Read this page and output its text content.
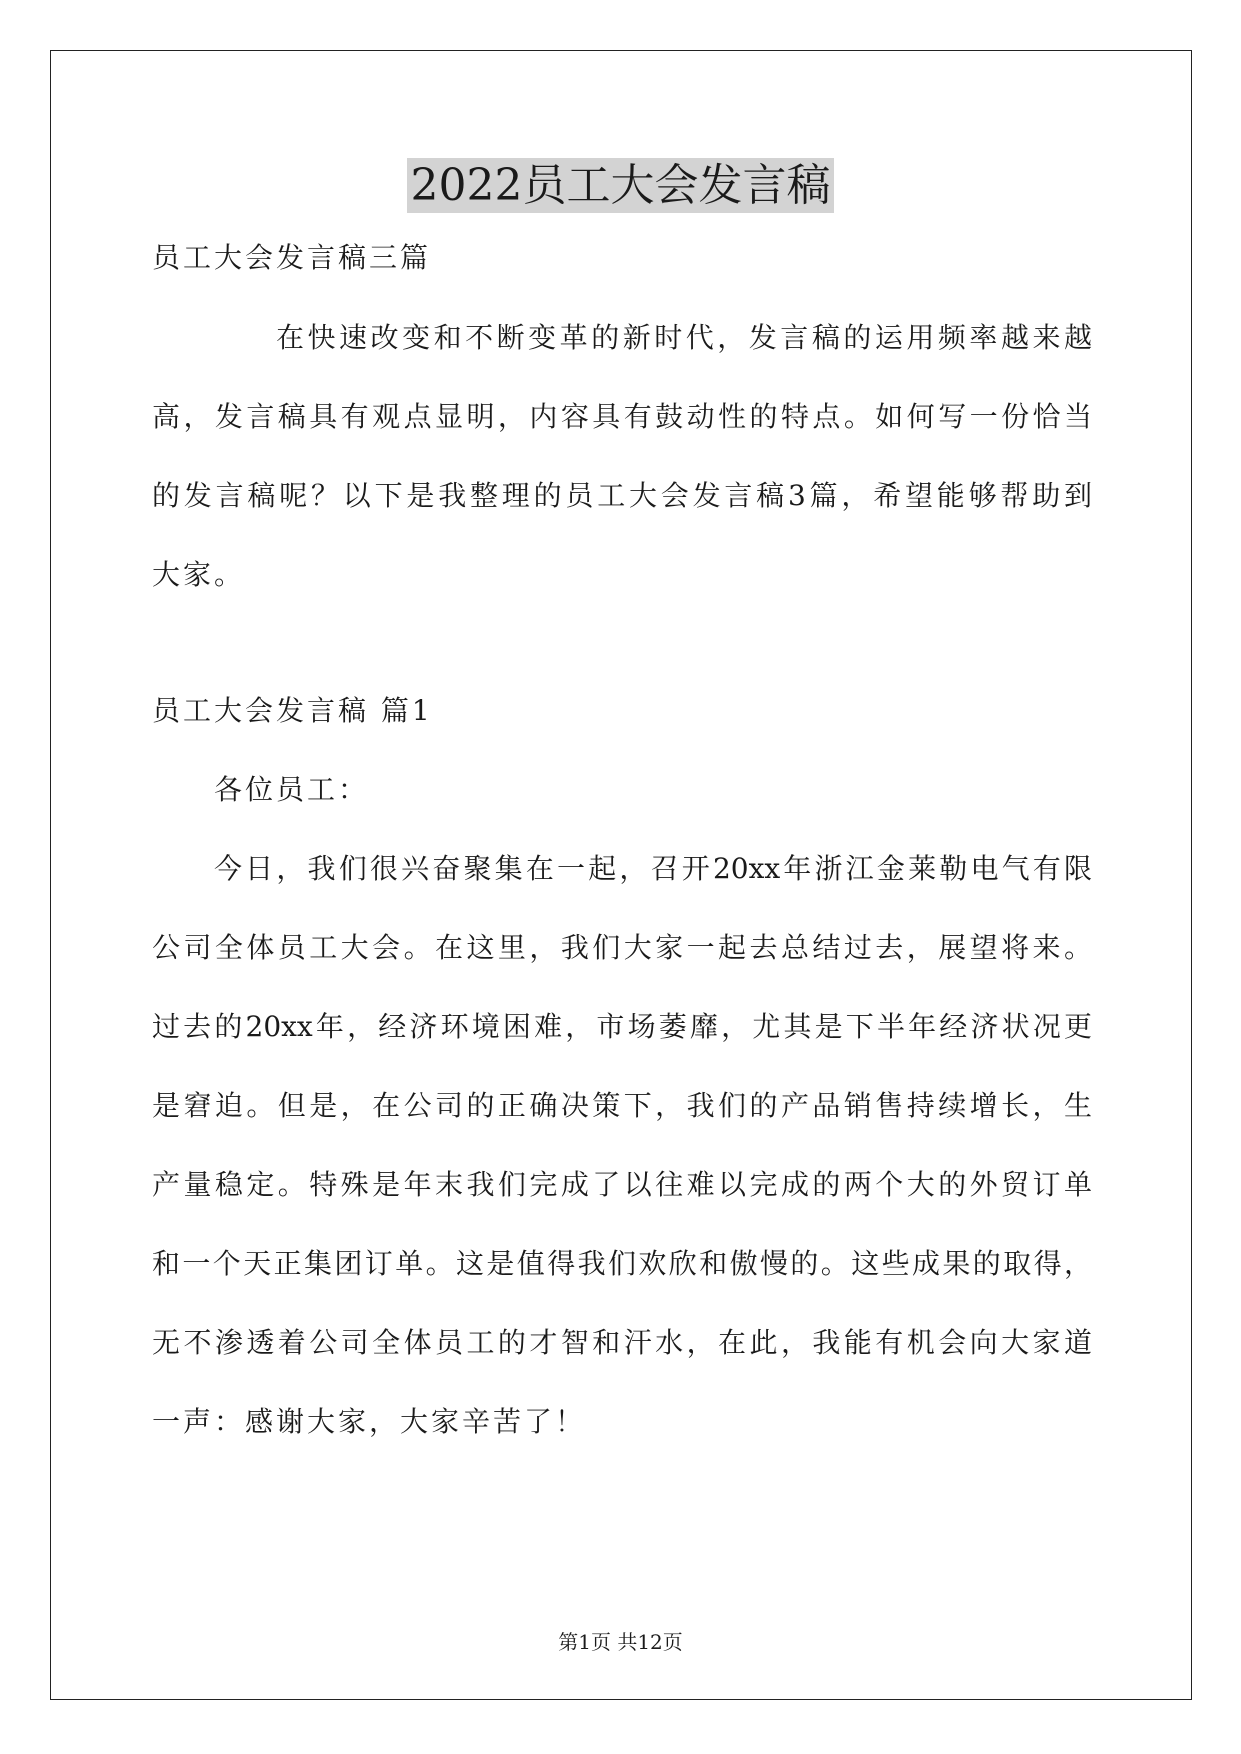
2022员工大会发言稿
员工大会发言稿三篇
在快速改变和不断变革的新时代，发言稿的运用频率越来越
高，发言稿具有观点显明，内容具有鼓动性的特点。如何写一份恰当
的发言稿呢？以下是我整理的员工大会发言稿3篇，希望能够帮助到
大家。
员工大会发言稿 篇1
各位员工：
今日，我们很兴奋聚集在一起，召开20xx年浙江金莱勒电气有限
公司全体员工大会。在这里，我们大家一起去总结过去，展望将来。
过去的20xx年，经济环境困难，市场萎靡，尤其是下半年经济状况更
是窘迫。但是，在公司的正确决策下，我们的产品销售持续增长，生
产量稳定。特殊是年末我们完成了以往难以完成的两个大的外贸订单
和一个天正集团订单。这是值得我们欢欣和傲慢的。这些成果的取得，
无不渗透着公司全体员工的才智和汗水，在此，我能有机会向大家道
一声：感谢大家，大家辛苦了！
第1页 共12页
